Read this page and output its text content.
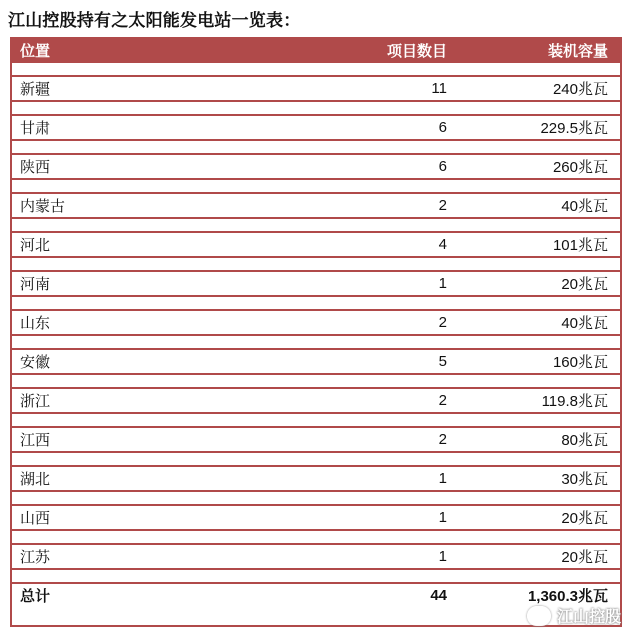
江山控股持有之太阳能发电站一览表：
位置	项目数目	装机容量
新疆	11	240兆瓦
甘肃	6	229.5兆瓦
陕西	6	260兆瓦
内蒙古	2	40兆瓦
河北	4	101兆瓦
河南	1	20兆瓦
山东	2	40兆瓦
安徽	5	160兆瓦
浙江	2	119.8兆瓦
江西	2	80兆瓦
湖北	1	30兆瓦
山西	1	20兆瓦
江苏	1	20兆瓦
总计	44	1,360.3兆瓦
江山控股
